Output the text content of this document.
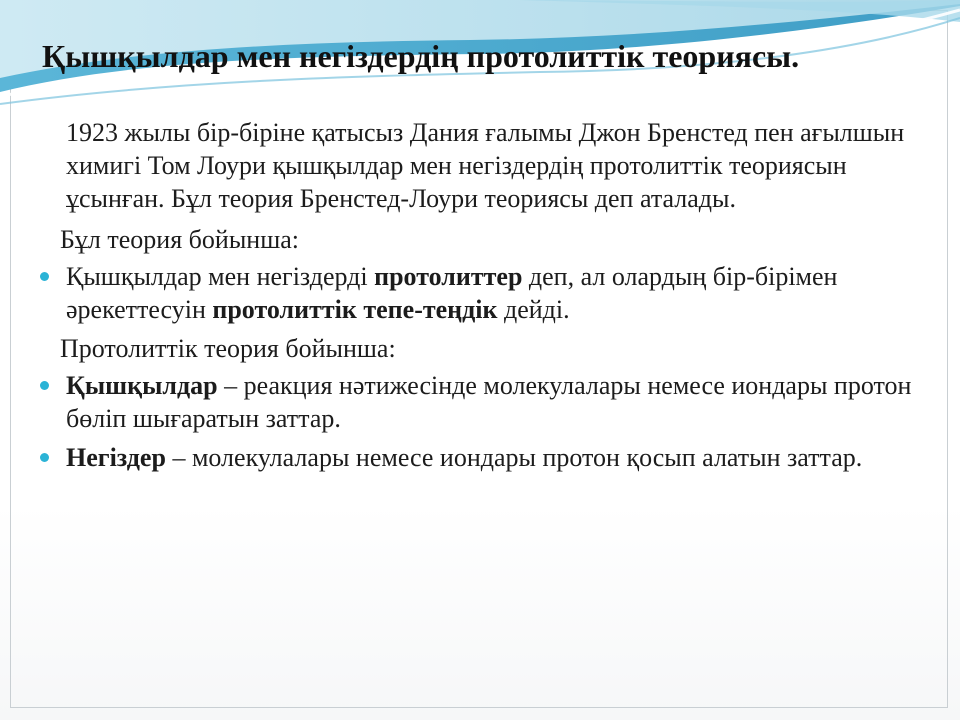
Қышқылдар мен негіздердің протолиттік теориясы.

1923 жылы бір-біріне қатысыз Дания ғалымы Джон Бренстед пен ағылшын химигі Том Лоури қышқылдар мен негіздердің протолиттік теориясын ұсынған. Бұл теория Бренстед-Лоури теориясы деп аталады.

Бұл теория бойынша:

Қышқылдар мен негіздерді протолиттер деп, ал олардың бір-бірімен әрекеттесуін протолиттік тепе-теңдік дейді.

Протолиттік теория бойынша:

Қышқылдар – реакция нәтижесінде молекулалары немесе иондары протон бөліп шығаратын заттар.
Негіздер – молекулалары немесе иондары протон қосып алатын заттар.
